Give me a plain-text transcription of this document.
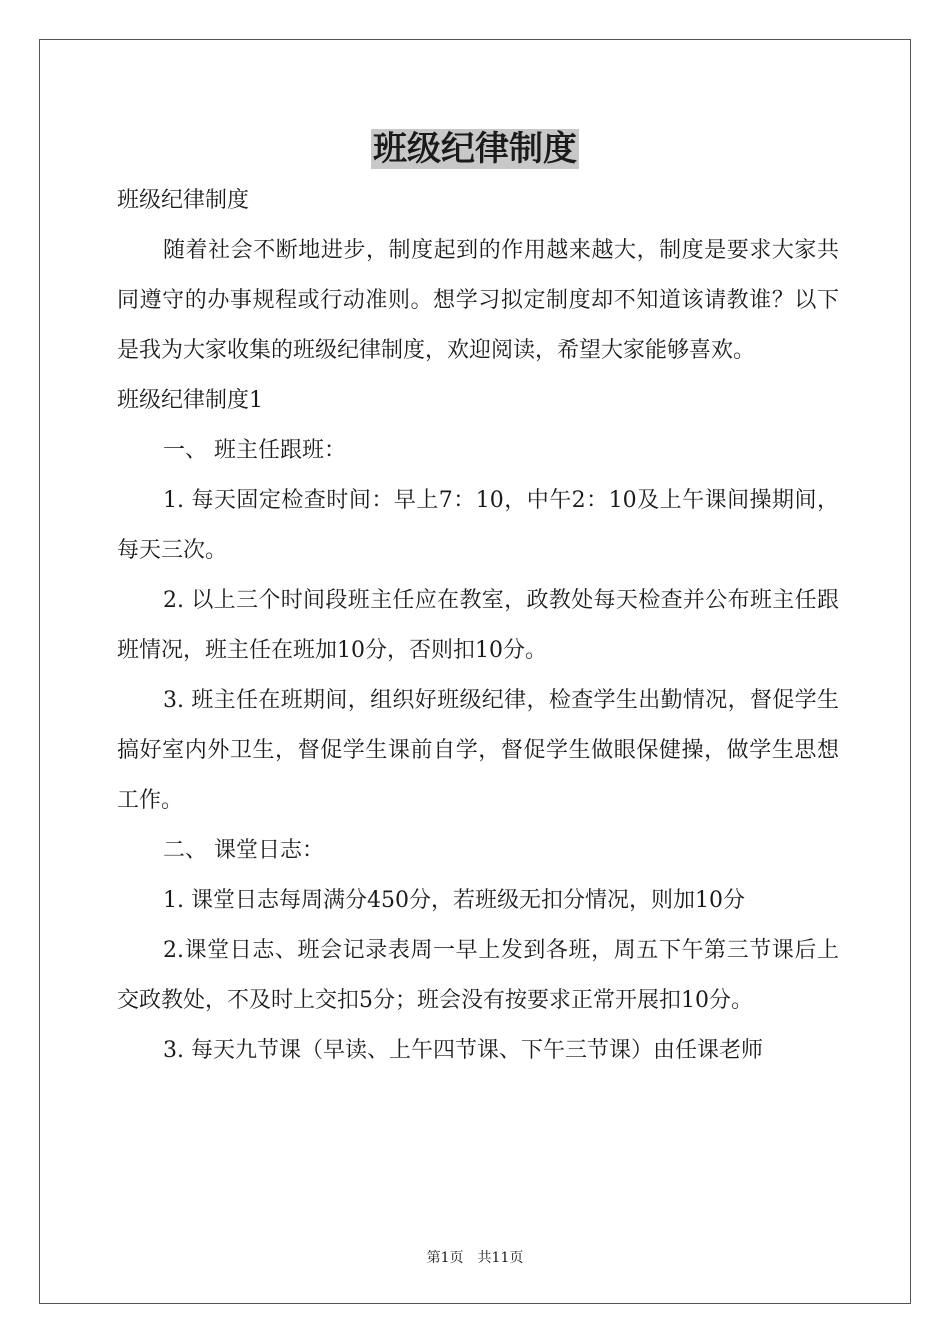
班级纪律制度

班级纪律制度

随着社会不断地进步，制度起到的作用越来越大，制度是要求大家共同遵守的办事规程或行动准则。想学习拟定制度却不知道该请教谁？以下是我为大家收集的班级纪律制度，欢迎阅读，希望大家能够喜欢。

班级纪律制度1

一、 班主任跟班：

1. 每天固定检查时间：早上7：10，中午2：10及上午课间操期间，每天三次。

2. 以上三个时间段班主任应在教室，政教处每天检查并公布班主任跟班情况，班主任在班加10分，否则扣10分。

3. 班主任在班期间，组织好班级纪律，检查学生出勤情况，督促学生搞好室内外卫生，督促学生课前自学，督促学生做眼保健操，做学生思想工作。

二、 课堂日志：

1. 课堂日志每周满分450分，若班级无扣分情况，则加10分

2.课堂日志、班会记录表周一早上发到各班，周五下午第三节课后上交政教处，不及时上交扣5分；班会没有按要求正常开展扣10分。

3. 每天九节课（早读、上午四节课、下午三节课）由任课老师

第1页 共11页
